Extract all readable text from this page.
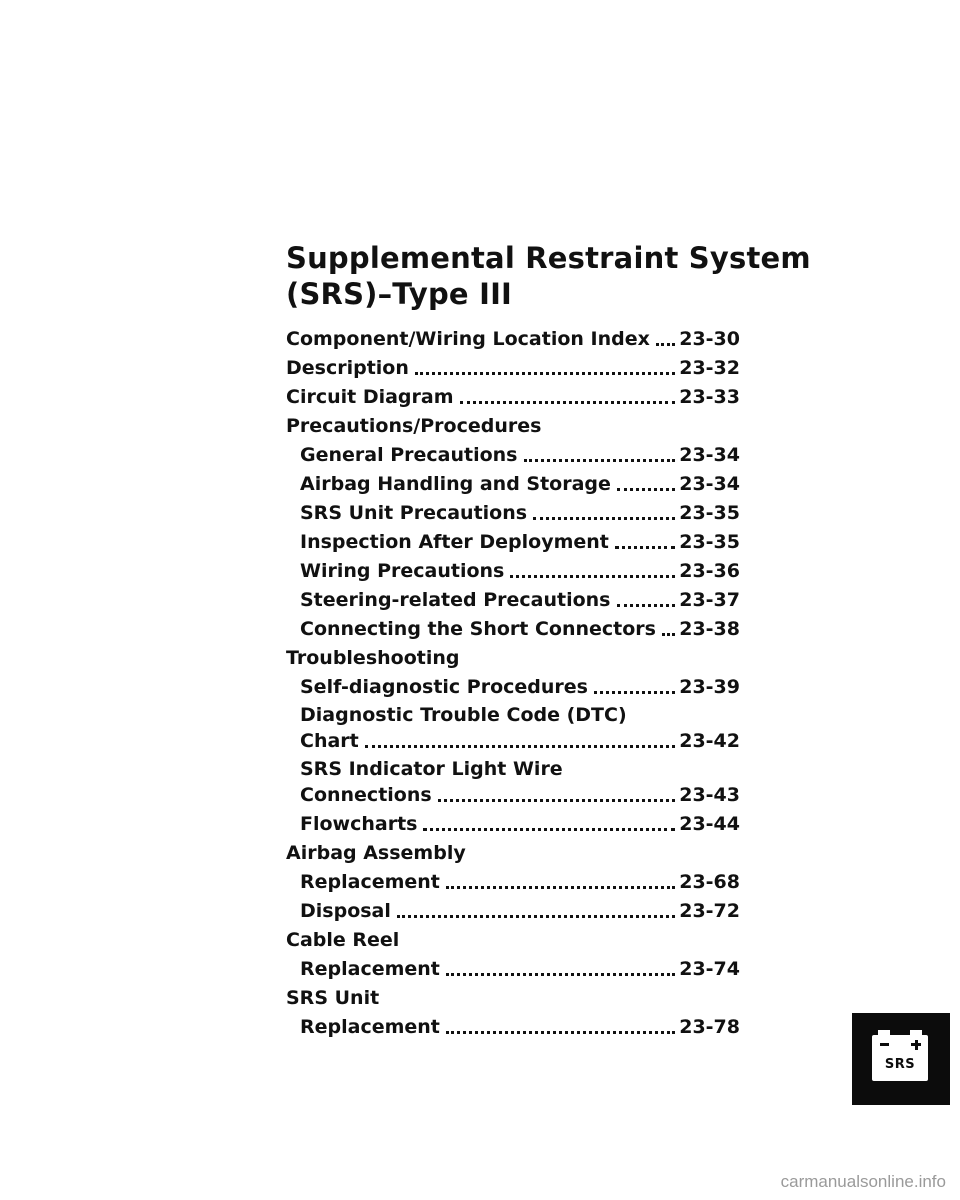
Supplemental Restraint System
(SRS)–Type III
Component/Wiring Location Index 23-30
Description	23-32
Circuit Diagram	23-33
Precautions/Procedures
General Precautions	23-34
Airbag Handling and Storage	23-34
SRS Unit Precautions	23-35
Inspection After Deployment	23-35
Wiring Precautions	23-36
Steering-related Precautions	23-37
Connecting the Short Connectors 23-38
Troubleshooting
Self-diagnostic Procedures	23-39
Diagnostic Trouble Code (DTC)
Chart	23-42
SRS Indicator Light Wire
Connections	23-43
Flowcharts	23-44
Airbag Assembly
Replacement	23-68
Disposal	23-72
Cable Reel
Replacement	23-74
SRS Unit
Replacement	23-78
SRS
carmanualsonline.info
